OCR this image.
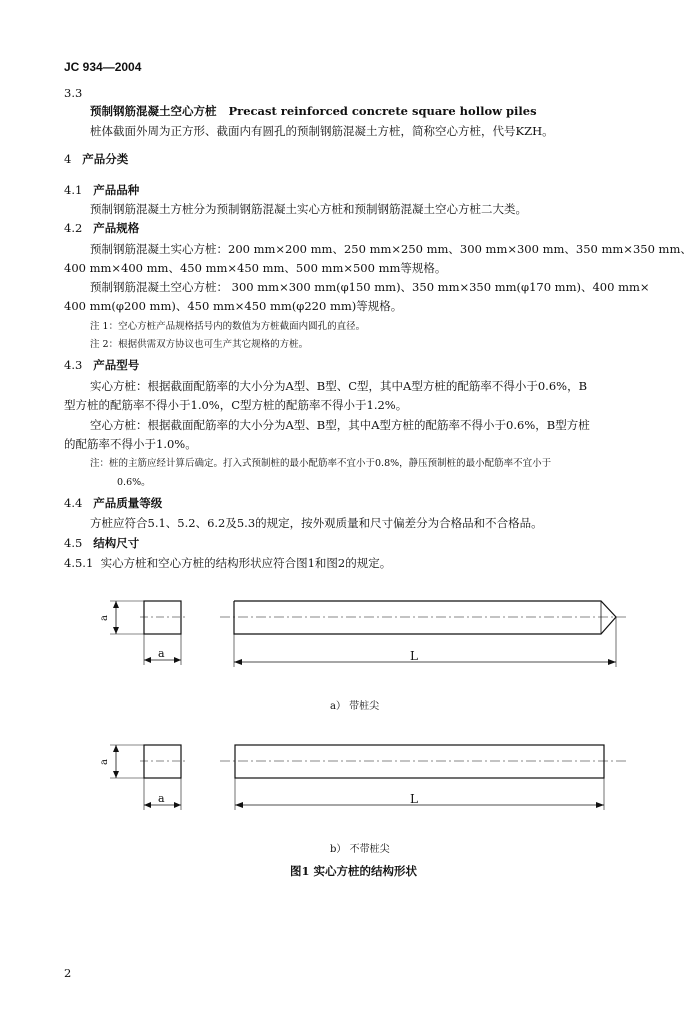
JC 934—2004
3.3
预制钢筋混凝土空心方桩 Precast reinforced concrete square hollow piles
桩体截面外周为正方形、截面内有圆孔的预制钢筋混凝土方桩，简称空心方桩，代号KZH。
4 产品分类
4.1 产品品种
预制钢筋混凝土方桩分为预制钢筋混凝土实心方桩和预制钢筋混凝土空心方桩二大类。
4.2 产品规格
预制钢筋混凝土实心方桩：200 mm×200 mm、250 mm×250 mm、300 mm×300 mm、350 mm×350 mm、
400 mm×400 mm、450 mm×450 mm、500 mm×500 mm等规格。
预制钢筋混凝土空心方桩： 300 mm×300 mm(φ150 mm)、350 mm×350 mm(φ170 mm)、400 mm×
400 mm(φ200 mm)、450 mm×450 mm(φ220 mm)等规格。
注 1：空心方桩产品规格括号内的数值为方桩截面内圆孔的直径。
注 2：根据供需双方协议也可生产其它规格的方桩。
4.3 产品型号
实心方桩：根据截面配筋率的大小分为A型、B型、C型，其中A型方桩的配筋率不得小于0.6%，B
型方桩的配筋率不得小于1.0%，C型方桩的配筋率不得小于1.2%。
空心方桩：根据截面配筋率的大小分为A型、B型，其中A型方桩的配筋率不得小于0.6%，B型方桩
的配筋率不得小于1.0%。
注：桩的主筋应经计算后确定。打入式预制桩的最小配筋率不宜小于0.8%，静压预制桩的最小配筋率不宜小于
0.6%。
4.4 产品质量等级
方桩应符合5.1、5.2、6.2及5.3的规定，按外观质量和尺寸偏差分为合格品和不合格品。
4.5 结构尺寸
4.5.1 实心方桩和空心方桩的结构形状应符合图1和图2的规定。
a
a	L
a） 带桩尖
a
a	L
b） 不带桩尖
图1 实心方桩的结构形状
2
